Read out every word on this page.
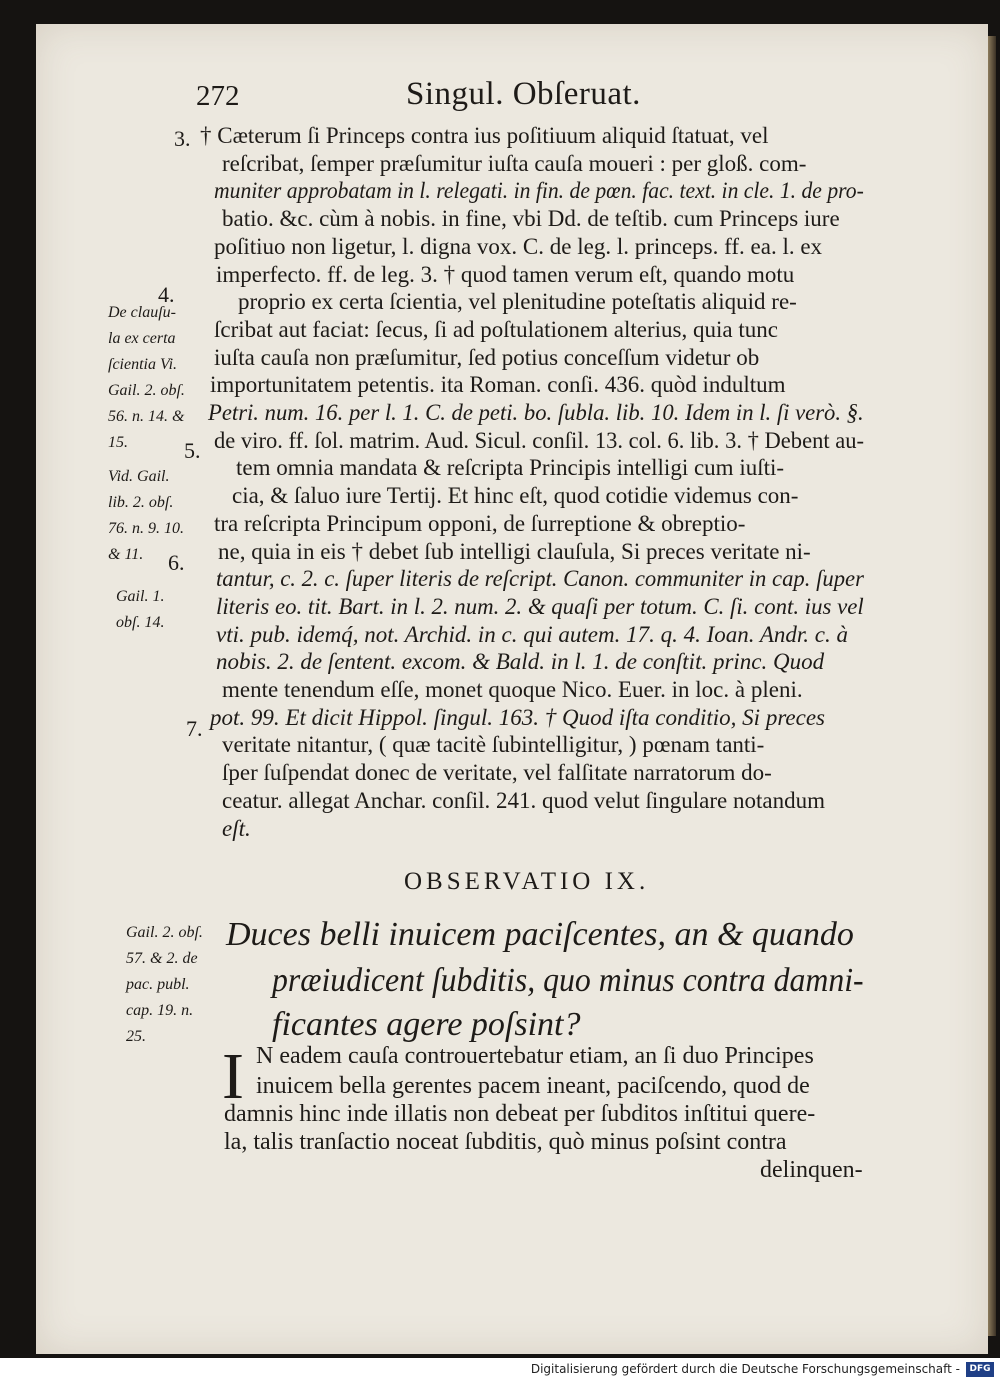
272	Singul. Obſeruat.
3.
4.
5.
6.
7.
De clauſu-
la ex certa
ſcientia Vi.
Gail. 2. obſ.
56. n. 14. &
15.
Vid. Gail.
lib. 2. obſ.
76. n. 9. 10.
& 11.
Gail. 1.
obſ. 14.
Gail. 2. obſ.
57. & 2. de
pac. publ.
cap. 19. n.
25.
† Cæterum ſi Princeps contra ius poſitiuum aliquid ſtatuat, vel
reſcribat, ſemper præſumitur iuſta cauſa moueri : per gloß. com-
muniter approbatam in l. relegati. in fin. de pœn. fac. text. in cle. 1. de pro-
batio. &c. cùm à nobis. in fine, vbi Dd. de teſtib. cum Princeps iure
poſitiuo non ligetur, l. digna vox. C. de leg. l. princeps. ff. ea. l. ex
imperfecto. ff. de leg. 3. † quod tamen verum eſt, quando motu
proprio ex certa ſcientia, vel plenitudine poteſtatis aliquid re-
ſcribat aut faciat: ſecus, ſi ad poſtulationem alterius, quia tunc
iuſta cauſa non præſumitur, ſed potius conceſſum videtur ob
importunitatem petentis. ita Roman. conſi. 436. quòd indultum
Petri. num. 16. per l. 1. C. de peti. bo. ſubla. lib. 10. Idem in l. ſi verò. §.
de viro. ff. ſol. matrim. Aud. Sicul. conſil. 13. col. 6. lib. 3. † Debent au-
tem omnia mandata & reſcripta Principis intelligi cum iuſti-
cia, & ſaluo iure Tertij. Et hinc eſt, quod cotidie videmus con-
tra reſcripta Principum opponi, de ſurreptione & obreptio-
ne, quia in eis † debet ſub intelligi clauſula, Si preces veritate ni-
tantur, c. 2. c. ſuper literis de reſcript. Canon. communiter in cap. ſuper
literis eo. tit. Bart. in l. 2. num. 2. & quaſi per totum. C. ſi. cont. ius vel
vti. pub. idemq́, not. Archid. in c. qui autem. 17. q. 4. Ioan. Andr. c. à
nobis. 2. de ſentent. excom. & Bald. in l. 1. de conſtit. princ. Quod
mente tenendum eſſe, monet quoque Nico. Euer. in loc. à pleni.
pot. 99. Et dicit Hippol. ſingul. 163. † Quod iſta conditio, Si preces
veritate nitantur, ( quæ tacitè ſubintelligitur, ) pœnam tanti-
ſper ſuſpendat donec de veritate, vel falſitate narratorum do-
ceatur. allegat Anchar. conſil. 241. quod velut ſingulare notandum
eſt.
OBSERVATIO IX.
Duces belli inuicem paciſcentes, an & quando
præiudicent ſubditis, quo minus contra damni-
ficantes agere poſsint?
I N eadem cauſa controuertebatur etiam, an ſi duo Principes
inuicem bella gerentes pacem ineant, paciſcendo, quod de
damnis hinc inde illatis non debeat per ſubditos inſtitui quere-
la, talis tranſactio noceat ſubditis, quò minus poſsint contra
delinquen-
Digitalisierung gefördert durch die Deutsche Forschungsgemeinschaft -	DFG
